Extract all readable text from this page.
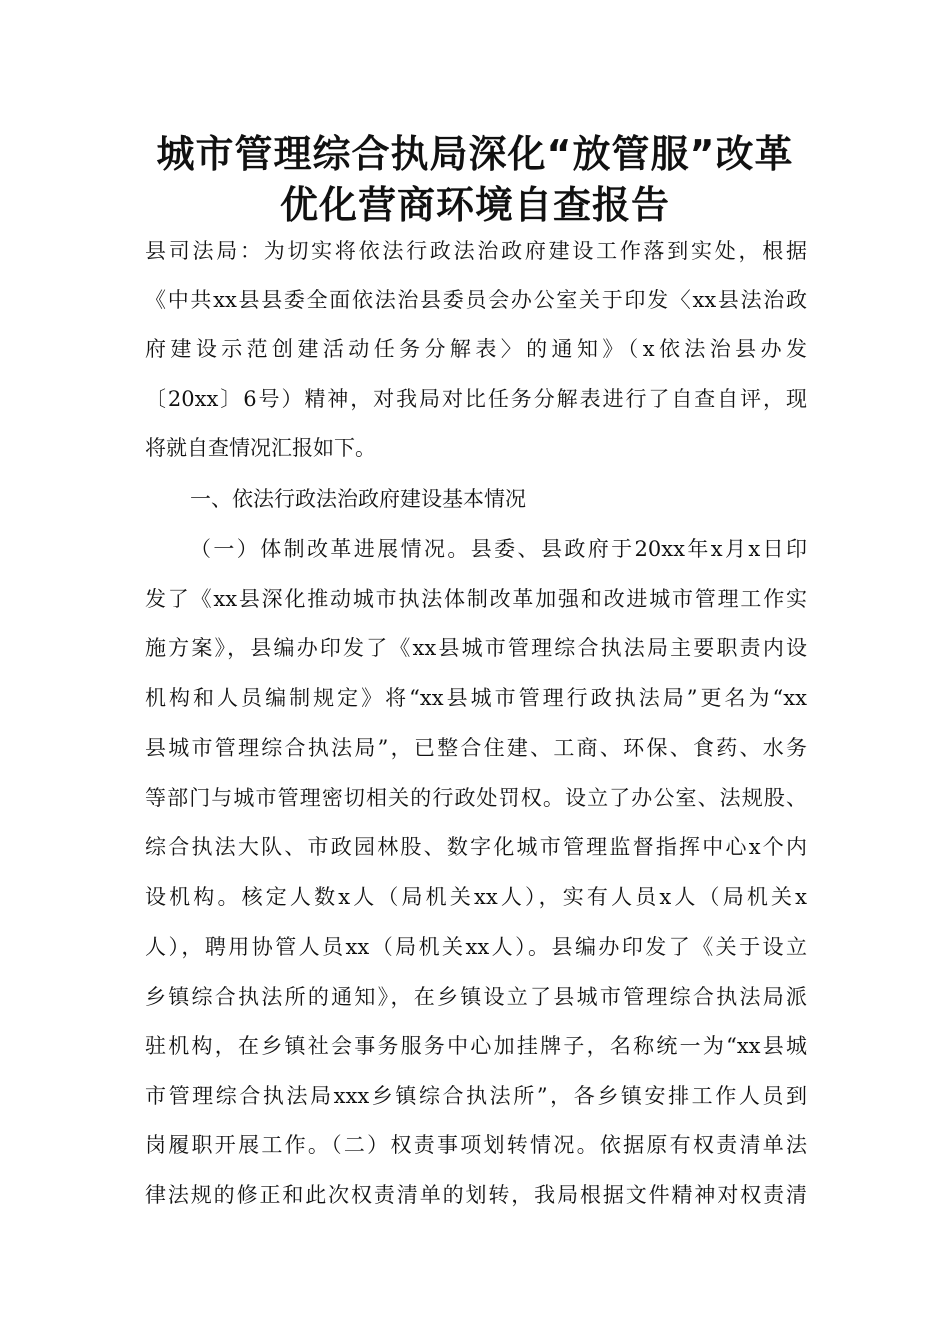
城市管理综合执局深化“放管服”改革
优化营商环境自查报告
县司法局：为切实将依法行政法治政府建设工作落到实处，根据
《中共xx县县委全面依法治县委员会办公室关于印发〈xx县法治政
府建设示范创建活动任务分解表〉的通知》（x依法治县办发
〔20xx〕6号）精神，对我局对比任务分解表进行了自查自评，现
将就自查情况汇报如下。
一、依法行政法治政府建设基本情况
（一）体制改革进展情况。县委、县政府于20xx年x月x日印
发了《xx县深化推动城市执法体制改革加强和改进城市管理工作实
施方案》，县编办印发了《xx县城市管理综合执法局主要职责内设
机构和人员编制规定》将“xx县城市管理行政执法局”更名为“xx
县城市管理综合执法局”，已整合住建、工商、环保、食药、水务
等部门与城市管理密切相关的行政处罚权。设立了办公室、法规股、
综合执法大队、市政园林股、数字化城市管理监督指挥中心x个内
设机构。核定人数x人（局机关xx人），实有人员x人（局机关x
人），聘用协管人员xx（局机关xx人）。县编办印发了《关于设立
乡镇综合执法所的通知》，在乡镇设立了县城市管理综合执法局派
驻机构，在乡镇社会事务服务中心加挂牌子，名称统一为“xx县城
市管理综合执法局xxx乡镇综合执法所”，各乡镇安排工作人员到
岗履职开展工作。（二）权责事项划转情况。依据原有权责清单法
律法规的修正和此次权责清单的划转，我局根据文件精神对权责清
